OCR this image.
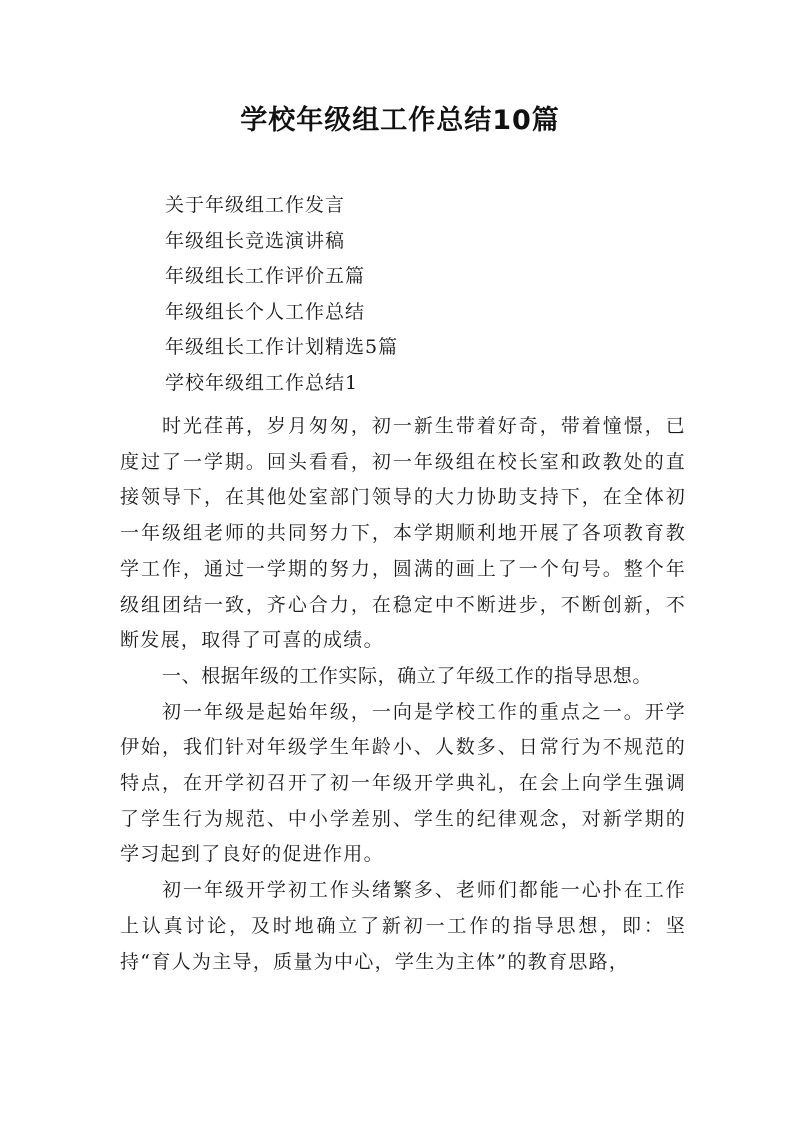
学校年级组工作总结10篇
关于年级组工作发言
年级组长竞选演讲稿
年级组长工作评价五篇
年级组长个人工作总结
年级组长工作计划精选5篇
学校年级组工作总结1

时光荏苒，岁月匆匆，初一新生带着好奇，带着憧憬，已度过了一学期。回头看看，初一年级组在校长室和政教处的直接领导下，在其他处室部门领导的大力协助支持下，在全体初一年级组老师的共同努力下，本学期顺利地开展了各项教育教学工作，通过一学期的努力，圆满的画上了一个句号。整个年级组团结一致，齐心合力，在稳定中不断进步，不断创新，不断发展，取得了可喜的成绩。

一、根据年级的工作实际，确立了年级工作的指导思想。

初一年级是起始年级，一向是学校工作的重点之一。开学伊始，我们针对年级学生年龄小、人数多、日常行为不规范的特点，在开学初召开了初一年级开学典礼，在会上向学生强调了学生行为规范、中小学差别、学生的纪律观念，对新学期的学习起到了良好的促进作用。

初一年级开学初工作头绪繁多、老师们都能一心扑在工作上认真讨论，及时地确立了新初一工作的指导思想，即：坚持“育人为主导，质量为中心，学生为主体”的教育思路，
